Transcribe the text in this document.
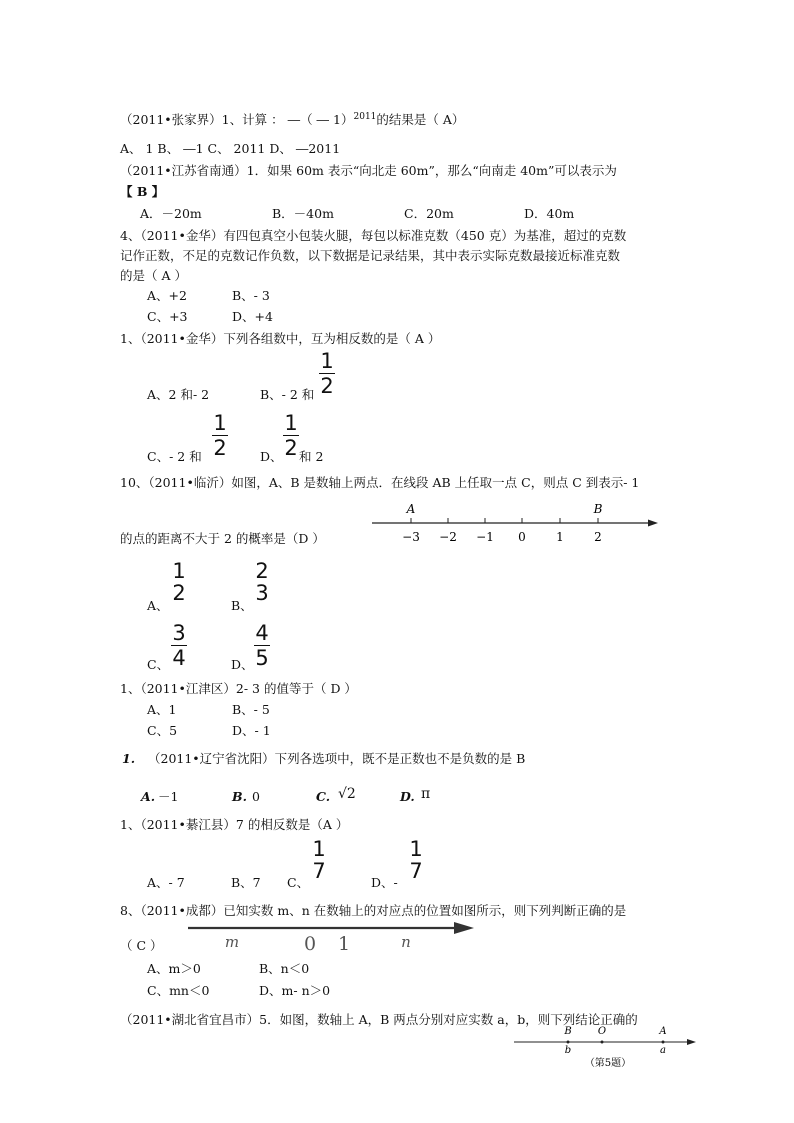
（2011•张家界）1、计算 ： ―（ ― 1）$^{2011}$的结果是（ A）
A、 1 B、 ―1 C、 2011 D、 ―2011
（2011•江苏省南通）1．如果 60m 表示“向北走 60m”，那么“向南走 40m”可以表示为
【 B 】
A．－20m	B．－40m	C．20m	D．40m
4、（2011•金华）有四包真空小包装火腿，每包以标准克数（450 克）为基准，超过的克数
记作正数，不足的克数记作负数，以下数据是记录结果，其中表示实际克数最接近标准克数
的是（ A ）
A、+2	B、- 3
C、+3	D、+4
1、（2011•金华）下列各组数中，互为相反数的是（ A ）
1
2
A、2 和- 2	B、- 2 和
1
2
1
2
C、- 2 和	D、 和 2
10、（2011•临沂）如图，A、B 是数轴上两点．在线段 AB 上任取一点 C，则点 C 到表示- 1
的点的距离不大于 2 的概率是（D ）
A	B
−3 −2 −1 0	1	2
1
2
2
3
A、	B、
3
4
4
5
C、	D、
1、（2011•江津区）2- 3 的值等于（ D ）
A、1	B、- 5
C、5	D、- 1
1. （2011•辽宁省沈阳）下列各选项中，既不是正数也不是负数的是 B
A. －1	B. 0	C. √2	D. π
1、（2011•綦江县）7 的相反数是（A ）
1
7
1
7
A、- 7	B、7 C、	D、-
8、（2011•成都）已知实数 m、n 在数轴上的对应点的位置如图所示，则下列判断正确的是
（ C ）	m	0 1	n
A、m＞0	B、n＜0
C、mn＜0	D、m- n＞0
（2011•湖北省宜昌市）5．如图，数轴上 A，B 两点分别对应实数 a，b，则下列结论正确的
B	O	A
b	a
（第5题）
